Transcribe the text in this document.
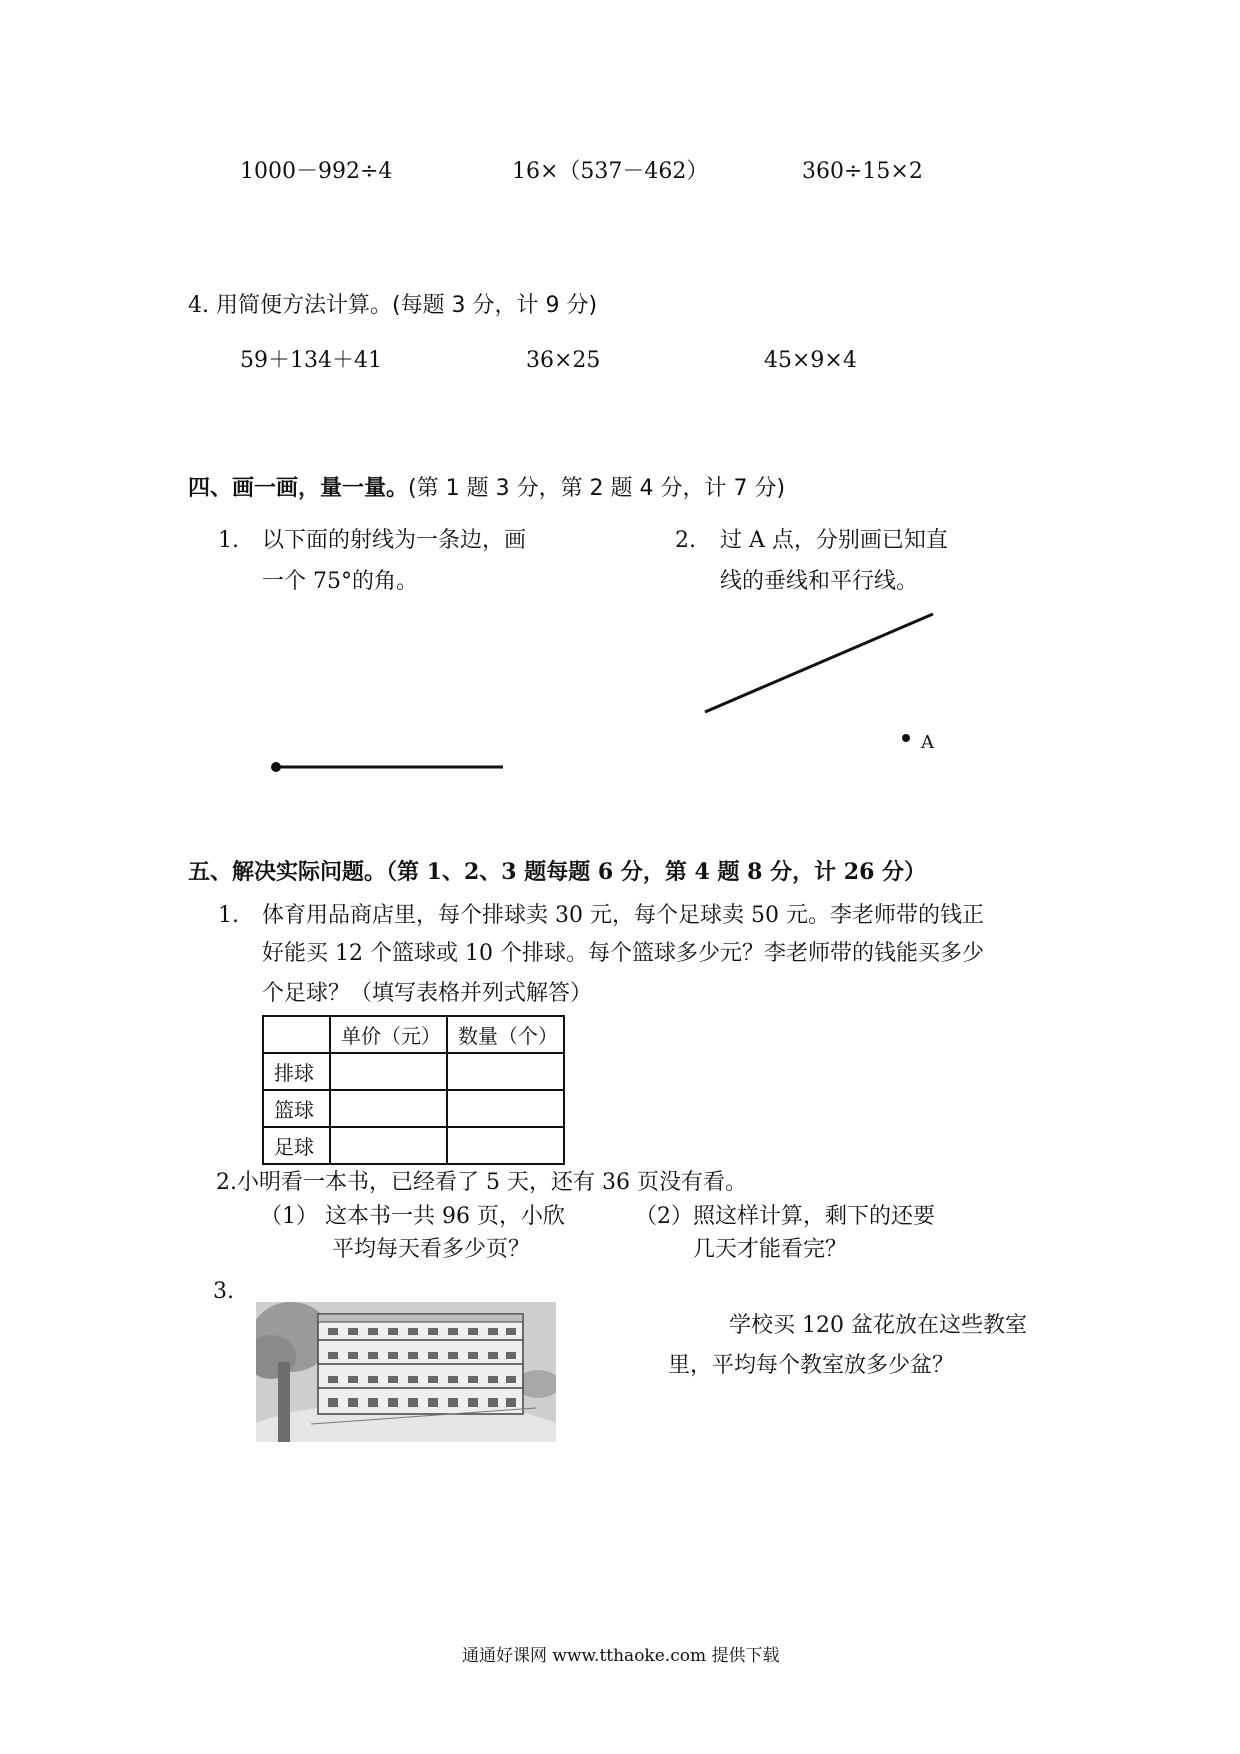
1000－992÷4	16×（537－462）	360÷15×2
4. 用简便方法计算。(每题 3 分，计 9 分)
59＋134＋41	36×25	45×9×4
四、画一画，量一量。(第 1 题 3 分，第 2 题 4 分，计 7 分)
1. 以下面的射线为一条边，画
一个 75°的角。
2. 过 A 点，分别画已知直
线的垂线和平行线。
A
五、解决实际问题。（第 1、2、3 题每题 6 分，第 4 题 8 分，计 26 分）
1. 体育用品商店里，每个排球卖 30 元，每个足球卖 50 元。李老师带的钱正
好能买 12 个篮球或 10 个排球。每个篮球多少元？李老师带的钱能买多少
个足球？（填写表格并列式解答）
	单价（元）	数量（个）
排球		
篮球		
足球		
2.小明看一本书，已经看了 5 天，还有 36 页没有看。
（1） 这本书一共 96 页，小欣
平均每天看多少页？
（2）照这样计算，剩下的还要
几天才能看完？
3.
学校买 120 盆花放在这些教室
里，平均每个教室放多少盆？
通通好课网 www.tthaoke.com 提供下载
